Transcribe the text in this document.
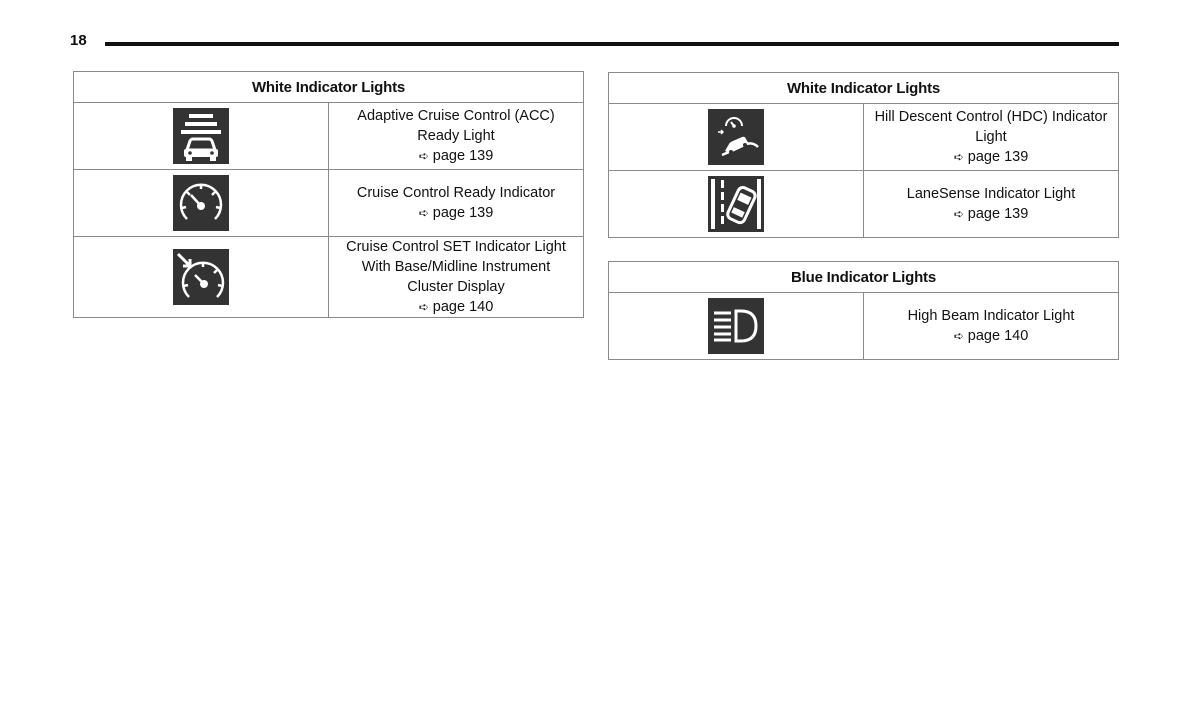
18
White Indicator Lights	

	Adaptive Cruise Control (ACC) Ready Light
➪ page 139

	Cruise Control Ready Indicator
➪ page 139

	Cruise Control SET Indicator Light With Base/Midline Instrument Cluster Display
➪ page 140
White Indicator Lights	

	Hill Descent Control (HDC) Indicator Light
➪ page 139

	LaneSense Indicator Light
➪ page 139
Blue Indicator Lights

	High Beam Indicator Light
➪ page 140
